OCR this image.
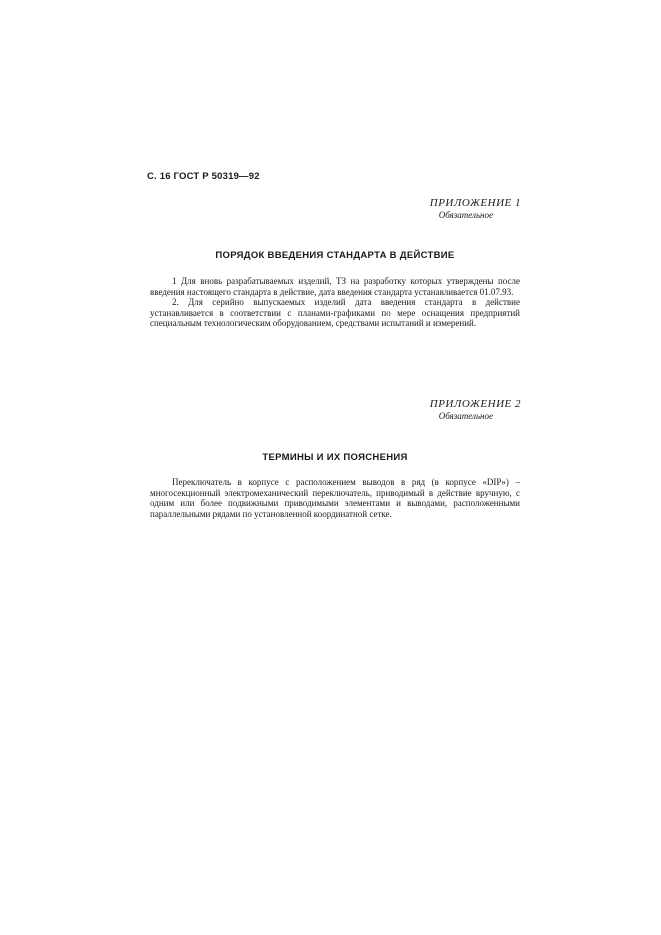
С. 16 ГОСТ Р 50319—92
ПРИЛОЖЕНИЕ 1
Обязательное
ПОРЯДОК ВВЕДЕНИЯ СТАНДАРТА В ДЕЙСТВИЕ

1 Для вновь разрабатываемых изделий, ТЗ на разработку которых утверждены после введения настоящего стандарта в действие, дата введения стандарта устанавливается 01.07.93.

2. Для серийно выпускаемых изделий дата введения стандарта в действие устанавливается в соответствии с планами-графиками по мере оснащения предприятий специальным технологическим оборудованием, средствами испытаний и измерений.

ПРИЛОЖЕНИЕ 2
Обязательное
ТЕРМИНЫ И ИХ ПОЯСНЕНИЯ

Переключатель в корпусе с расположением выводов в ряд (в корпусе «DIP») – многосекционный электромеханический переключатель, приводимый в действие вручную, с одним или более подвижными приводимыми элементами и выводами, расположенными параллельными рядами по установленной координатной сетке.
